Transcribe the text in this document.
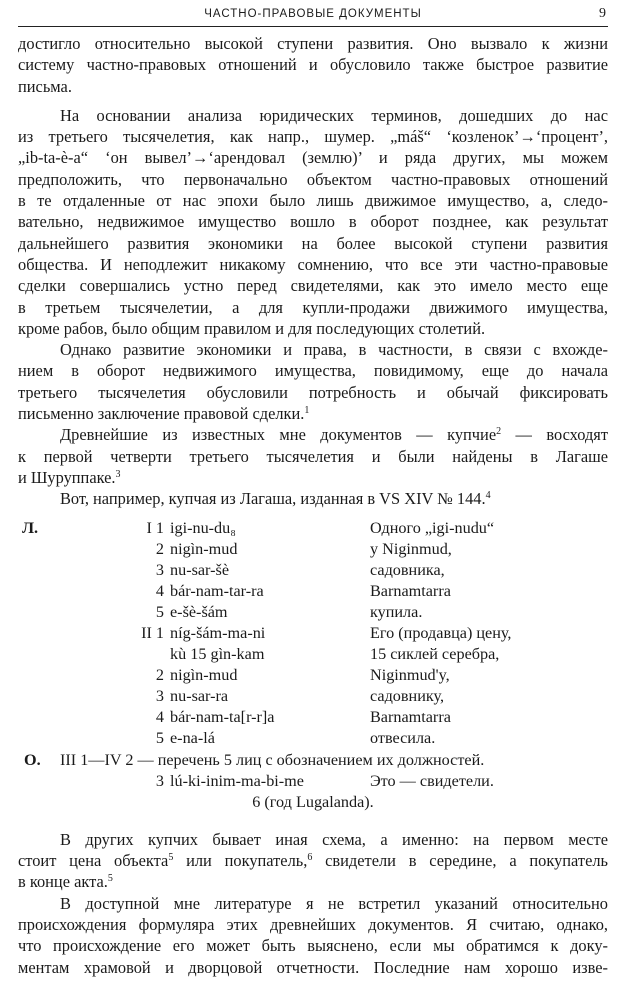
ЧАСТНО-ПРАВОВЫЕ ДОКУМЕНТЫ	9

достигло относительно высокой ступени развития. Оно вызвало к жизни
систему частно-правовых отношений и обусловило также быстрое развитие
письма.

На основании анализа юридических терминов, дошедших до нас
из третьего тысячелетия, как напр., шумер. „máš“ ‘козленок’→‘процент’,
„ib-ta-è-a“ ‘он вывел’→‘арендовал (землю)’ и ряда других, мы можем
предположить, что первоначально объектом частно-правовых отношений
в те отдаленные от нас эпохи было лишь движимое имущество, а, следо-
вательно, недвижимое имущество вошло в оборот позднее, как результат
дальнейшего развития экономики на более высокой ступени развития
общества. И неподлежит никакому сомнению, что все эти частно-правовые
сделки совершались устно перед свидетелями, как это имело место еще
в третьем тысячелетии, а для купли-продажи движимого имущества,
кроме рабов, было общим правилом и для последующих столетий.

Однако развитие экономики и права, в частности, в связи с вхожде-
нием в оборот недвижимого имущества, повидимому, еще до начала
третьего тысячелетия обусловили потребность и обычай фиксировать
письменно заключение правовой сделки.$^1$

Древнейшие из известных мне документов — купчие$^2$ — восходят
к первой четверти третьего тысячелетия и были найдены в Лагаше
и Шуруппаке.$^3$

Вот, например, купчая из Лагаша, изданная в VS XIV № 144.$^4$

Л.	I 1 igi-nu-du₈	Одного „igi-nudu“
2 nigìn-mud	у Niginmud,
3 nu-sar-šè	садовника,
4 bár-nam-tar-ra	Barnamtarra
5 e-šè-šám	купила.
II 1 níg-šám-ma-ni	Его (продавца) цену,
kù 15 gìn-kam	15 сиклей серебра,
2 nigìn-mud	Niginmud'y,
3 nu-sar-ra	садовнику,
4 bár-nam-ta[r-r]a	Barnamtarra
5 e-na-lá	отвесила.
О. III 1—IV 2 — перечень 5 лиц с обозначением их должностей.
3 lú-ki-inim-ma-bi-me	Это — свидетели.
6 (год Lugalanda).

В других купчих бывает иная схема, а именно: на первом месте
стоит цена объекта$^5$ или покупатель,$^6$ свидетели в середине, а покупатель
в конце акта.$^5$

В доступной мне литературе я не встретил указаний относительно
происхождения формуляра этих древнейших документов. Я считаю, однако,
что происхождение его может быть выяснено, если мы обратимся к доку-
ментам храмовой и дворцовой отчетности. Последние нам хорошо изве-
